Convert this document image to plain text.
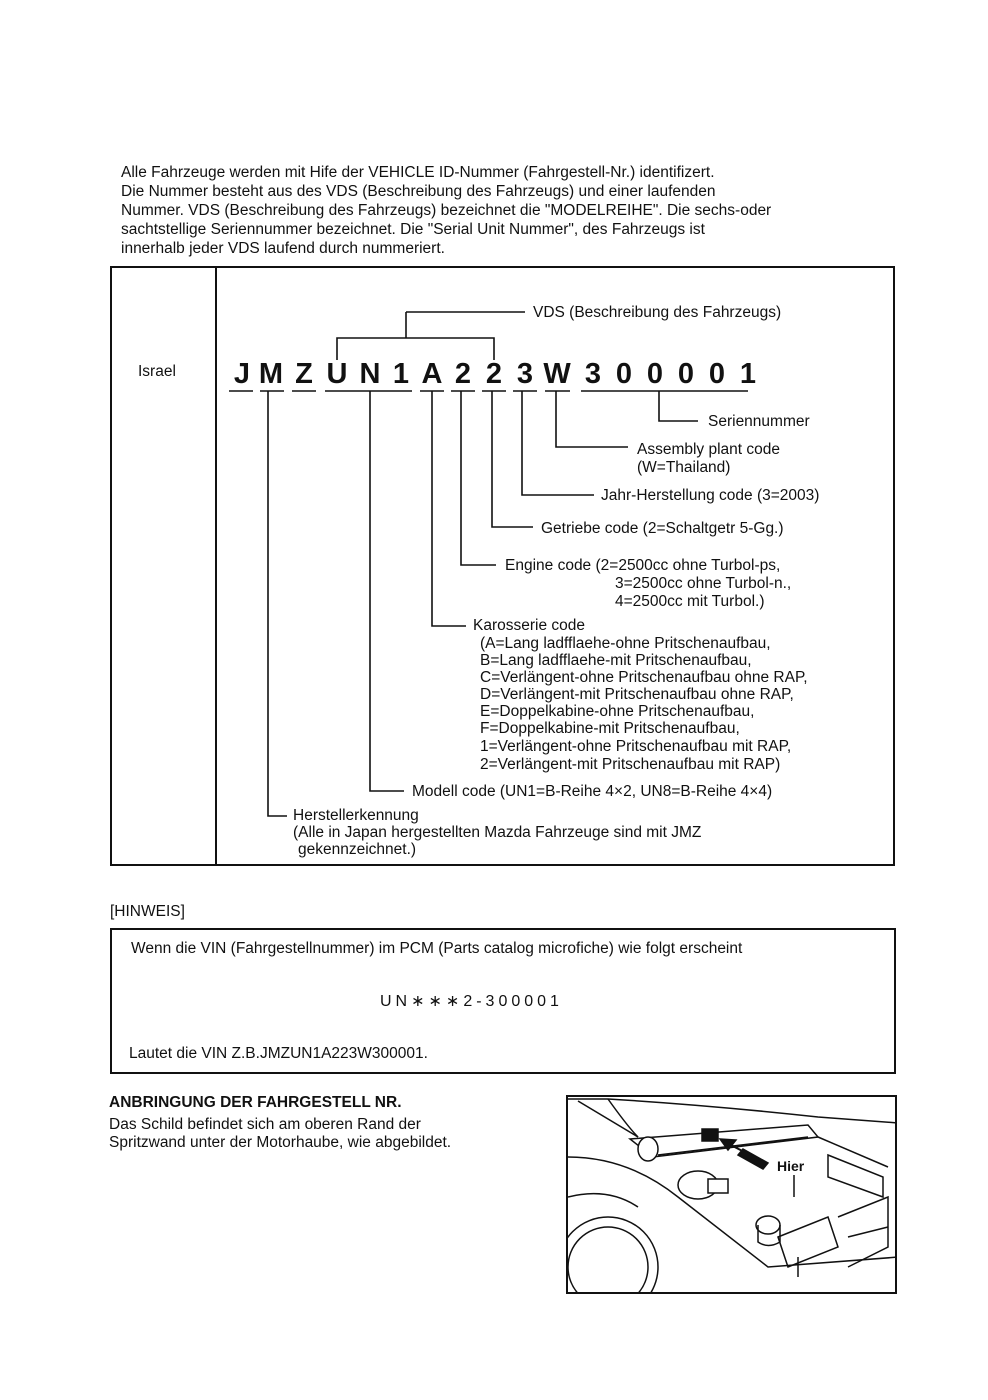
Alle Fahrzeuge werden mit Hife der VEHICLE ID-Nummer (Fahrgestell-Nr.) identifizert.
Die Nummer besteht aus des VDS (Beschreibung des Fahrzeugs) und einer laufenden
Nummer. VDS (Beschreibung des Fahrzeugs) bezeichnet die "MODELREIHE". Die sechs-oder
sachtstellige Seriennummer bezeichnet. Die "Serial Unit Nummer", des Fahrzeugs ist
innerhalb jeder VDS laufend durch nummeriert.
Israel J M Z U N 1 A 2 2 3 W 3 0 0 0 0 1
VDS (Beschreibung des Fahrzeugs)
Seriennummer
Assembly plant code
(W=Thailand)
Jahr-Herstellung code (3=2003)
Getriebe code (2=Schaltgetr 5-Gg.)
Engine code (2=2500cc ohne Turbol-ps,
3=2500cc ohne Turbol-n.,
4=2500cc mit Turbol.)
Karosserie code
(A=Lang ladfflaehe-ohne Pritschenaufbau,
B=Lang ladfflaehe-mit Pritschenaufbau,
C=Verlängent-ohne Pritschenaufbau ohne RAP,
D=Verlängent-mit Pritschenaufbau ohne RAP,
E=Doppelkabine-ohne Pritschenaufbau,
F=Doppelkabine-mit Pritschenaufbau,
1=Verlängent-ohne Pritschenaufbau mit RAP,
2=Verlängent-mit Pritschenaufbau mit RAP)
Modell code (UN1=B-Reihe 4×2, UN8=B-Reihe 4×4)
Herstellerkennung
(Alle in Japan hergestellten Mazda Fahrzeuge sind mit JMZ
gekennzeichnet.)
[HINWEIS]
Wenn die VIN (Fahrgestellnummer) im PCM (Parts catalog microfiche) wie folgt erscheint
UN∗∗∗2-300001
Lautet die VIN Z.B.JMZUN1A223W300001.
ANBRINGUNG DER FAHRGESTELL NR.
Das Schild befindet sich am oberen Rand der
Spritzwand unter der Motorhaube, wie abgebildet.
Hier
